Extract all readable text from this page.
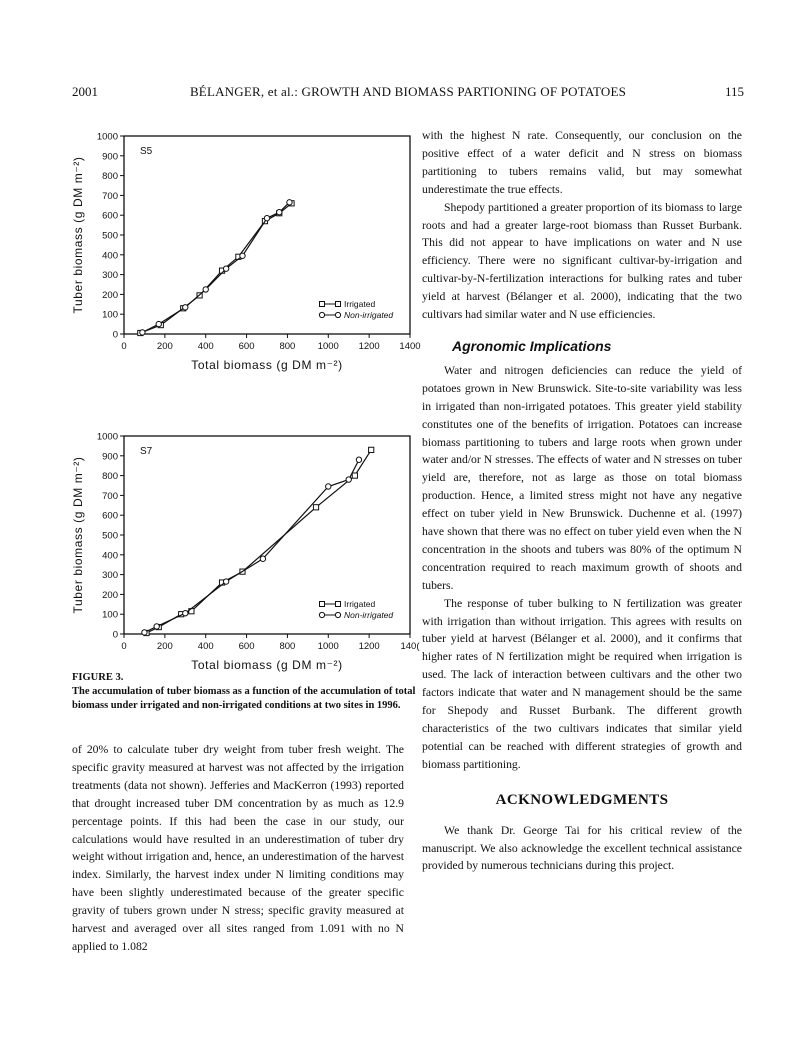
2001	BÉLANGER, et al.: GROWTH AND BIOMASS PARTIONING OF POTATOES	115
0
100
200
300
400
500
600
700
800
900
1000
0	200	400	600	800 1000 1200 1400
Total biomass (g DM m⁻²)
Tuber biomass (g DM m⁻²)
S5
Irrigated
Non-irrigated
0
100
200
300
400
500
600
700
800
900
1000
0	200	400	600	800 1000 1200 140(
Total biomass (g DM m⁻²)
Tuber biomass (g DM m⁻²)
S7
Irrigated
Non-irrigated
FIGURE 3.
The accumulation of tuber biomass as a function of the accumulation of total biomass under irrigated and non-irrigated conditions at two sites in 1996.

of 20% to calculate tuber dry weight from tuber fresh weight. The specific gravity measured at harvest was not affected by the irrigation treatments (data not shown). Jefferies and MacKerron (1993) reported that drought increased tuber DM concentration by as much as 12.9 percentage points. If this had been the case in our study, our calculations would have resulted in an underestimation of tuber dry weight without irrigation and, hence, an underestimation of the harvest index. Similarly, the harvest index under N limiting conditions may have been slightly underestimated because of the greater specific gravity of tubers grown under N stress; specific gravity measured at harvest and averaged over all sites ranged from 1.091 with no N applied to 1.082

with the highest N rate. Consequently, our conclusion on the positive effect of a water deficit and N stress on biomass partitioning to tubers remains valid, but may somewhat underestimate the true effects.

Shepody partitioned a greater proportion of its biomass to large roots and had a greater large-root biomass than Russet Burbank. This did not appear to have implications on water and N use efficiency. There were no significant cultivar-by-irrigation and cultivar-by-N-fertilization interactions for bulking rates and tuber yield at harvest (Bélanger et al. 2000), indicating that the two cultivars had similar water and N use efficiencies.

Agronomic Implications

Water and nitrogen deficiencies can reduce the yield of potatoes grown in New Brunswick. Site-to-site variability was less in irrigated than non-irrigated potatoes. This greater yield stability constitutes one of the benefits of irrigation. Potatoes can increase biomass partitioning to tubers and large roots when grown under water and/or N stresses. The effects of water and N stresses on tuber yield are, therefore, not as large as those on total biomass production. Hence, a limited stress might not have any negative effect on tuber yield in New Brunswick. Duchenne et al. (1997) have shown that there was no effect on tuber yield even when the N concentration in the shoots and tubers was 80% of the optimum N concentration required to reach maximum growth of shoots and tubers.

The response of tuber bulking to N fertilization was greater with irrigation than without irrigation. This agrees with results on tuber yield at harvest (Bélanger et al. 2000), and it confirms that higher rates of N fertilization might be required when irrigation is used. The lack of interaction between cultivars and the other two factors indicate that water and N management should be the same for Shepody and Russet Burbank. The different growth characteristics of the two cultivars indicates that similar yield potential can be reached with different strategies of growth and biomass partitioning.

ACKNOWLEDGMENTS

We thank Dr. George Tai for his critical review of the manuscript. We also acknowledge the excellent technical assistance provided by numerous technicians during this project.
